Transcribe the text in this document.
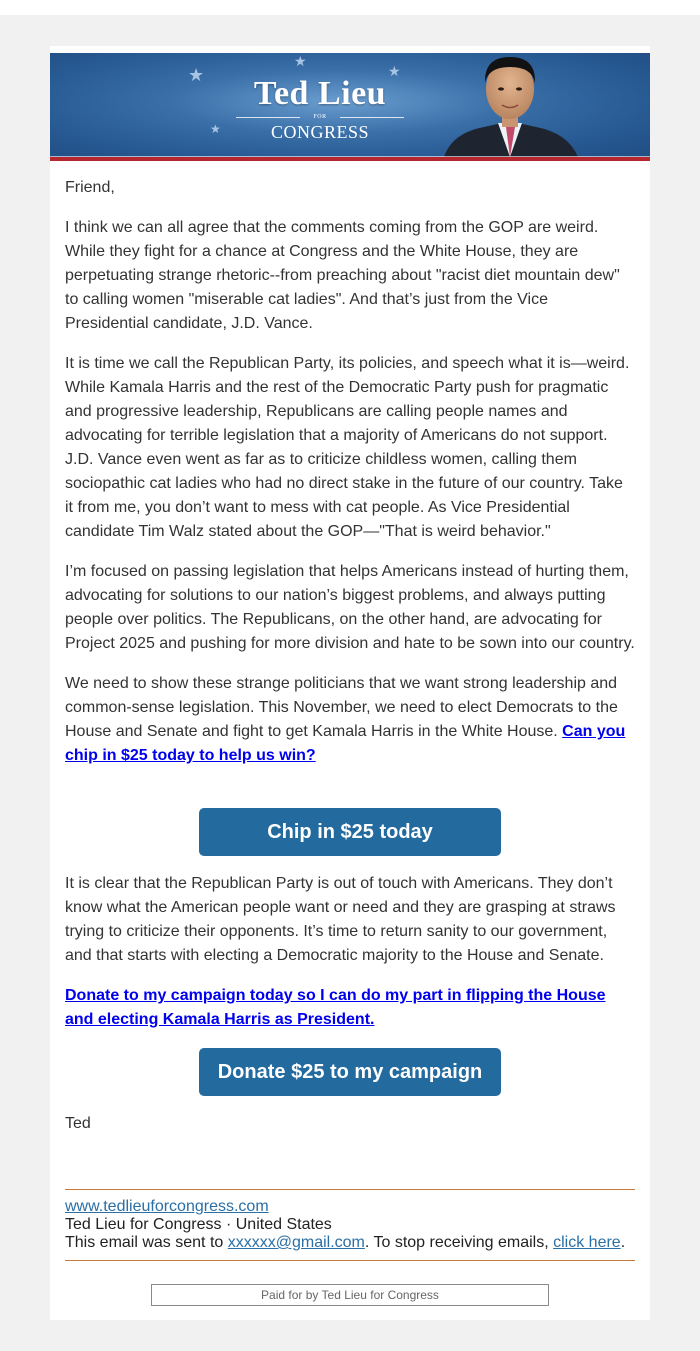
★
★
★
★
Ted Lieu
FOR
CONGRESS

Friend,

I think we can all agree that the comments coming from the GOP are weird. While they fight for a chance at Congress and the White House, they are perpetuating strange rhetoric--from preaching about "racist diet mountain dew" to calling women "miserable cat ladies". And that’s just from the Vice Presidential candidate, J.D. Vance.

It is time we call the Republican Party, its policies, and speech what it is—weird. While Kamala Harris and the rest of the Democratic Party push for pragmatic and progressive leadership, Republicans are calling people names and advocating for terrible legislation that a majority of Americans do not support. J.D. Vance even went as far as to criticize childless women, calling them sociopathic cat ladies who had no direct stake in the future of our country. Take it from me, you don’t want to mess with cat people. As Vice Presidential candidate Tim Walz stated about the GOP—"That is weird behavior."

I’m focused on passing legislation that helps Americans instead of hurting them, advocating for solutions to our nation’s biggest problems, and always putting people over politics. The Republicans, on the other hand, are advocating for Project 2025 and pushing for more division and hate to be sown into our country.

We need to show these strange politicians that we want strong leadership and common-sense legislation. This November, we need to elect Democrats to the House and Senate and fight to get Kamala Harris in the White House. Can you chip in $25 today to help us win?

Chip in $25 today

It is clear that the Republican Party is out of touch with Americans. They don’t know what the American people want or need and they are grasping at straws trying to criticize their opponents. It’s time to return sanity to our government, and that starts with electing a Democratic majority to the House and Senate.

Donate to my campaign today so I can do my part in flipping the House and electing Kamala Harris as President.

Donate $25 to my campaign

Ted

www.tedlieuforcongress.com
Ted Lieu for Congress · United States
This email was sent to xxxxxx@gmail.com. To stop receiving emails, click here.
Paid for by Ted Lieu for Congress
